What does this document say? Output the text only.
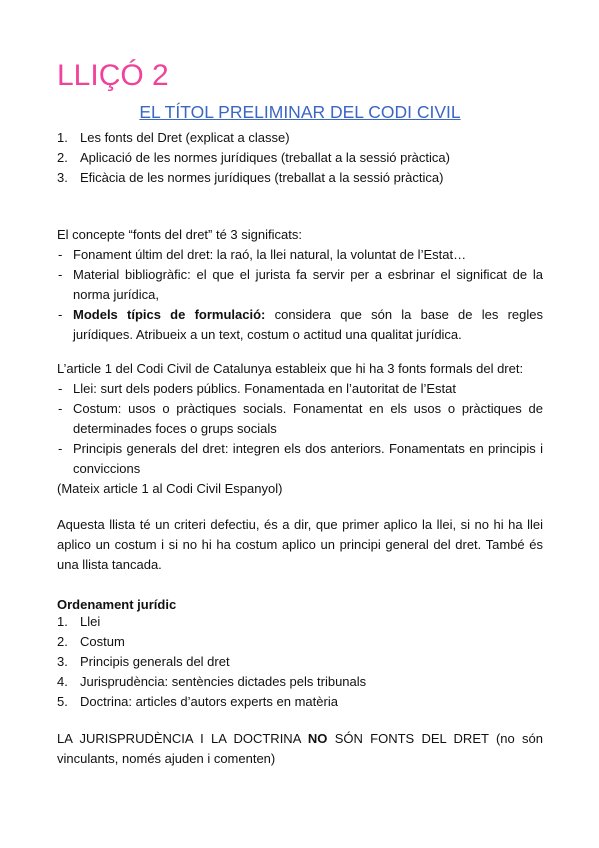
LLIÇÓ 2
EL TÍTOL PRELIMINAR DEL CODI CIVIL
1. Les fonts del Dret (explicat a classe)
2. Aplicació de les normes jurídiques (treballat a la sessió pràctica)
3. Eficàcia de les normes jurídiques (treballat a la sessió pràctica)

El concepte “fonts del dret” té 3 significats:

- Fonament últim del dret: la raó, la llei natural, la voluntat de l’Estat…
- Material bibliogràfic: el que el jurista fa servir per a esbrinar el significat de la norma jurídica,
- Models típics de formulació: considera que són la base de les regles jurídiques. Atribueix a un text, costum o actitud una qualitat jurídica.

L’article 1 del Codi Civil de Catalunya estableix que hi ha 3 fonts formals del dret:

- Llei: surt dels poders públics. Fonamentada en l’autoritat de l’Estat
- Costum: usos o pràctiques socials. Fonamentat en els usos o pràctiques de determinades foces o grups socials
- Principis generals del dret: integren els dos anteriors. Fonamentats en principis i conviccions

(Mateix article 1 al Codi Civil Espanyol)

Aquesta llista té un criteri defectiu, és a dir, que primer aplico la llei, si no hi ha llei aplico un costum i si no hi ha costum aplico un principi general del dret. També és una llista tancada.

Ordenament jurídic

1. Llei
2. Costum
3. Principis generals del dret
4. Jurisprudència: sentències dictades pels tribunals
5. Doctrina: articles d’autors experts en matèria

LA JURISPRUDÈNCIA I LA DOCTRINA NO SÓN FONTS DEL DRET (no són vinculants, només ajuden i comenten)
